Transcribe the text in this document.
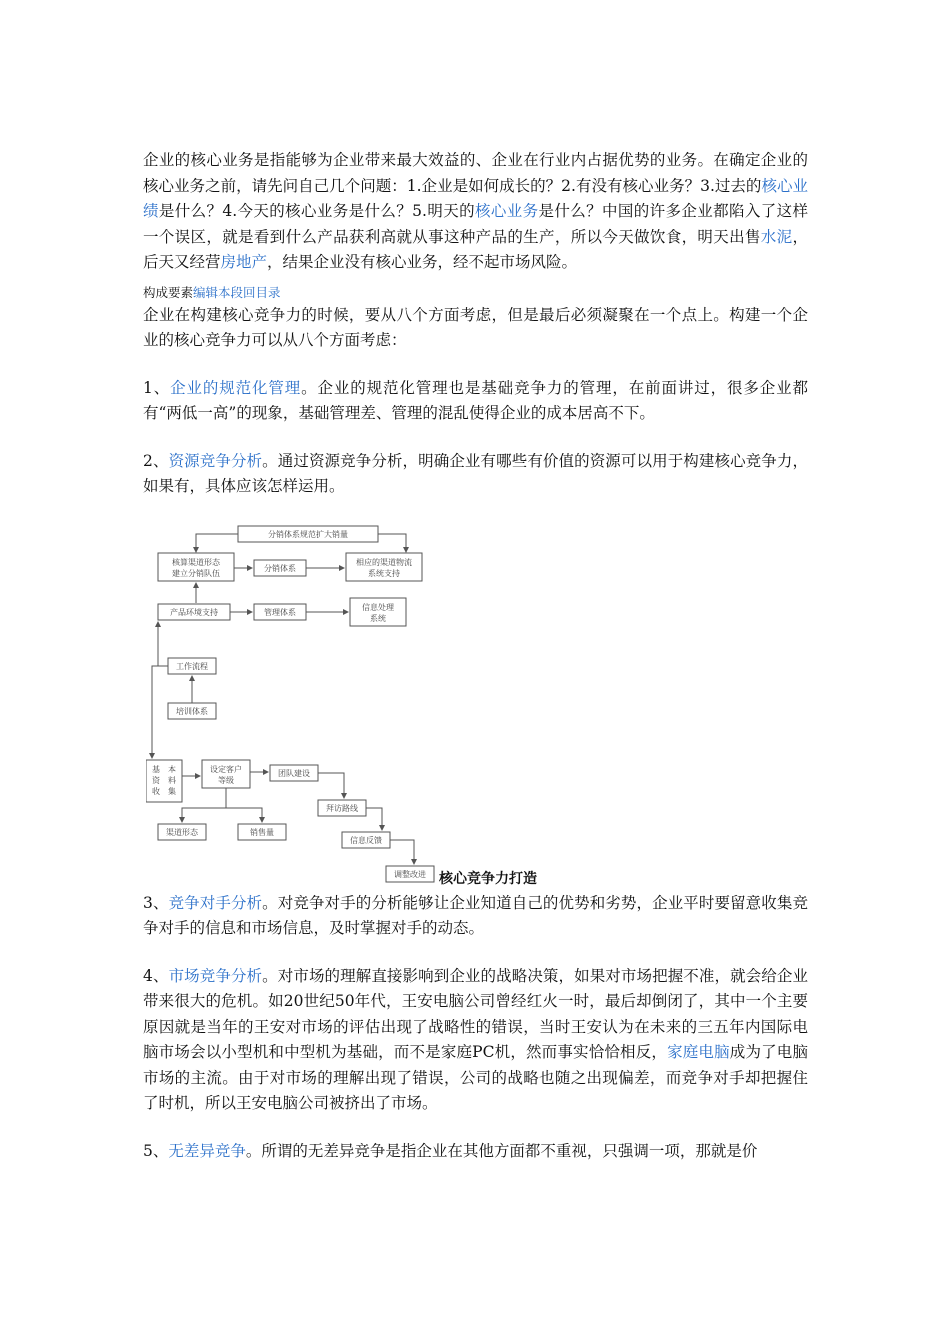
企业的核心业务是指能够为企业带来最大效益的、企业在行业内占据优势的业务。在确定企业的核心业务之前，请先问自己几个问题：1.企业是如何成长的？2.有没有核心业务？3.过去的核心业绩是什么？4.今天的核心业务是什么？5.明天的核心业务是什么？中国的许多企业都陷入了这样一个误区，就是看到什么产品获利高就从事这种产品的生产，所以今天做饮食，明天出售水泥，后天又经营房地产，结果企业没有核心业务，经不起市场风险。

构成要素编辑本段回目录

企业在构建核心竞争力的时候，要从八个方面考虑，但是最后必须凝聚在一个点上。构建一个企业的核心竞争力可以从八个方面考虑：

1、企业的规范化管理。企业的规范化管理也是基础竞争力的管理，在前面讲过，很多企业都有“两低一高”的现象，基础管理差、管理的混乱使得企业的成本居高不下。

2、资源竞争分析。通过资源竞争分析，明确企业有哪些有价值的资源可以用于构建核心竞争力，如果有，具体应该怎样运用。

分销体系规范扩大销量
核算渠道形态
建立分销队伍
分销体系
相应的渠道物流
系统支持
产品环境支持	管理体系
信息处理
系统
工作流程
培训体系
基　本
资　料
收　集
设定客户
等级
团队建设
拜访路线
信息反馈
调整改进
渠道形态	销售量
核心竞争力打造

3、竞争对手分析。对竞争对手的分析能够让企业知道自己的优势和劣势，企业平时要留意收集竞争对手的信息和市场信息，及时掌握对手的动态。

4、市场竞争分析。对市场的理解直接影响到企业的战略决策，如果对市场把握不准，就会给企业带来很大的危机。如20世纪50年代，王安电脑公司曾经红火一时，最后却倒闭了，其中一个主要原因就是当年的王安对市场的评估出现了战略性的错误，当时王安认为在未来的三五年内国际电脑市场会以小型机和中型机为基础，而不是家庭PC机，然而事实恰恰相反，家庭电脑成为了电脑市场的主流。由于对市场的理解出现了错误，公司的战略也随之出现偏差，而竞争对手却把握住了时机，所以王安电脑公司被挤出了市场。

5、无差异竞争。所谓的无差异竞争是指企业在其他方面都不重视，只强调一项，那就是价
